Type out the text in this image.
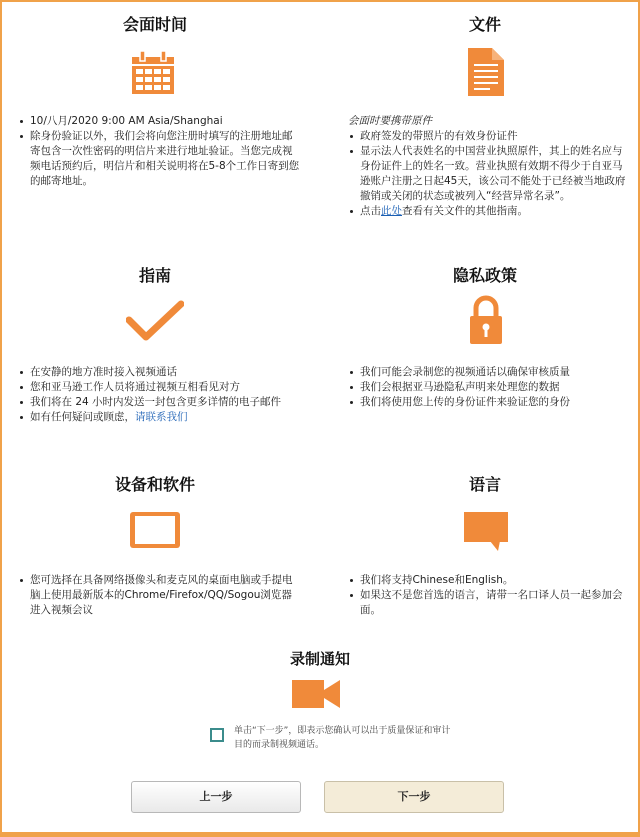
会面时间
10/八月/2020 9:00 AM Asia/Shanghai
除身份验证以外，我们会将向您注册时填写的注册地址邮寄包含一次性密码的明信片来进行地址验证。当您完成视频电话预约后，明信片和相关说明将在5-8个工作日寄到您的邮寄地址。
文件
会面时要携带原件
政府签发的带照片的有效身份证件
显示法人代表姓名的中国营业执照原件，其上的姓名应与身份证件上的姓名一致。营业执照有效期不得少于自亚马逊账户注册之日起45天，该公司不能处于已经被当地政府撤销或关闭的状态或被列入“经营异常名录”。
点击此处查看有关文件的其他指南。
指南
在安静的地方准时接入视频通话
您和亚马逊工作人员将通过视频互相看见对方
我们将在 24 小时内发送一封包含更多详情的电子邮件
如有任何疑问或顾虑，请联系我们
隐私政策
我们可能会录制您的视频通话以确保审核质量
我们会根据亚马逊隐私声明来处理您的数据
我们将使用您上传的身份证件来验证您的身份
设备和软件
您可选择在具备网络摄像头和麦克风的桌面电脑或手提电脑上使用最新版本的Chrome/Firefox/QQ/Sogou浏览器进入视频会议
语言
我们将支持Chinese和English。
如果这不是您首选的语言，请带一名口译人员一起参加会面。
录制通知
单击“下一步”，即表示您确认可以出于质量保证和审计目的而录制视频通话。
上一步	下一步
